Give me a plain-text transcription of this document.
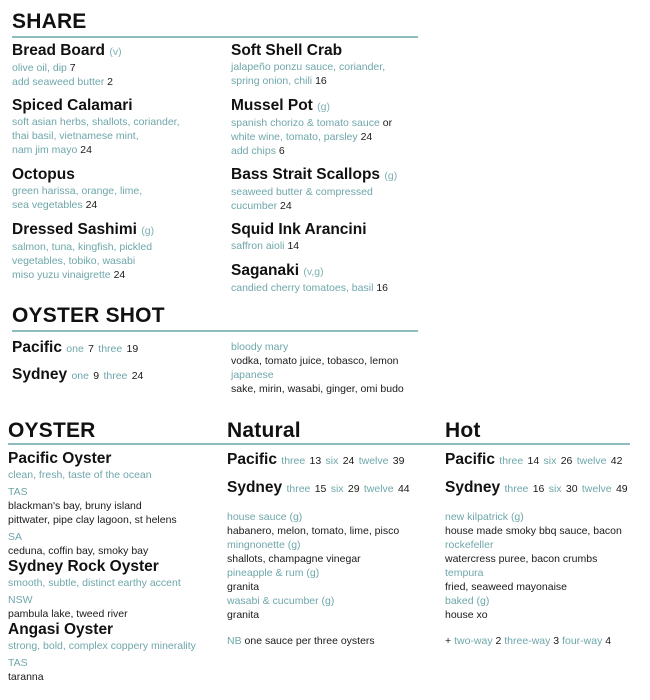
SHARE
Bread Board (v)
olive oil, dip 7
add seaweed butter 2
Spiced Calamari
soft asian herbs, shallots, coriander,
thai basil, vietnamese mint,
nam jim mayo 24
Octopus
green harissa, orange, lime,
sea vegetables 24
Dressed Sashimi (g)
salmon, tuna, kingfish, pickled
vegetables, tobiko, wasabi
miso yuzu vinaigrette 24
Soft Shell Crab
jalapeño ponzu sauce, coriander,
spring onion, chili 16
Mussel Pot (g)
spanish chorizo & tomato sauce or
white wine, tomato, parsley 24
add chips 6
Bass Strait Scallops (g)
seaweed butter & compressed
cucumber 24
Squid Ink Arancini
saffron aioli 14
Saganaki (v,g)
candied cherry tomatoes, basil 16
OYSTER SHOT
Pacific one 7 three 19
Sydney one 9 three 24
bloody mary
vodka, tomato juice, tobasco, lemon
japanese
sake, mirin, wasabi, ginger, omi budo
OYSTER
Pacific Oyster
clean, fresh, taste of the ocean
TAS
blackman's bay, bruny island
pittwater, pipe clay lagoon, st helens
SA
ceduna, coffin bay, smoky bay
Sydney Rock Oyster
smooth, subtle, distinct earthy accent
NSW
pambula lake, tweed river
Angasi Oyster
strong, bold, complex coppery minerality
TAS
taranna
Natural
Pacific three 13 six 24 twelve 39
Sydney three 15 six 29 twelve 44
house sauce (g)
habanero, melon, tomato, lime, pisco
mingnonette (g)
shallots, champagne vinegar
pineapple & rum (g)
granita
wasabi & cucumber (g)
granita
NB one sauce per three oysters
Hot
Pacific three 14 six 26 twelve 42
Sydney three 16 six 30 twelve 49
new kilpatrick (g)
house made smoky bbq sauce, bacon
rockefeller
watercress puree, bacon crumbs
tempura
fried, seaweed mayonaise
baked (g)
house xo
+ two-way 2 three-way 3 four-way 4
